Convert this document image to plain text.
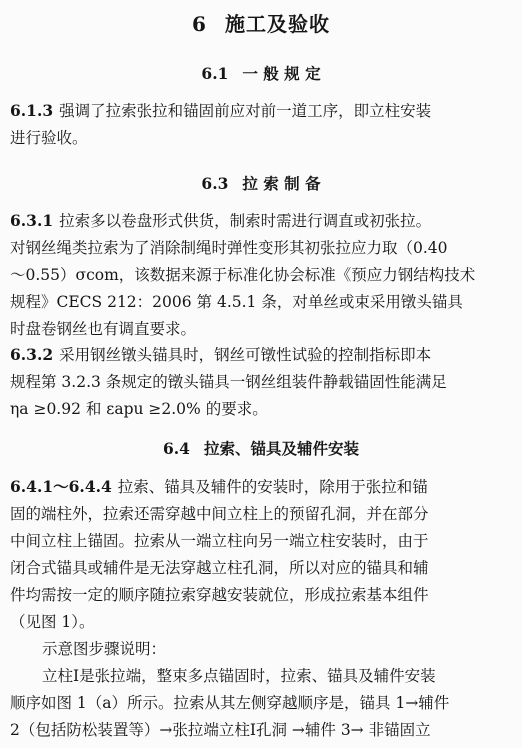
6 施工及验收
6.1 一 般 规 定
6.1.3 强调了拉索张拉和锚固前应对前一道工序，即立柱安装
进行验收。
6.3 拉 索 制 备
6.3.1 拉索多以卷盘形式供货，制索时需进行调直或初张拉。
对钢丝绳类拉索为了消除制绳时弹性变形其初张拉应力取（0.40
～0.55）σcom，该数据来源于标准化协会标准《预应力钢结构技术
规程》CECS 212：2006 第 4.5.1 条，对单丝或束采用镦头锚具
时盘卷钢丝也有调直要求。
6.3.2 采用钢丝镦头锚具时，钢丝可镦性试验的控制指标即本
规程第 3.2.3 条规定的镦头锚具一钢丝组装件静载锚固性能满足
ηa ≥0.92 和 εapu ≥2.0% 的要求。
6.4 拉索、锚具及辅件安装
6.4.1～6.4.4 拉索、锚具及辅件的安装时，除用于张拉和锚
固的端柱外，拉索还需穿越中间立柱上的预留孔洞，并在部分
中间立柱上锚固。拉索从一端立柱向另一端立柱安装时，由于
闭合式锚具或辅件是无法穿越立柱孔洞，所以对应的锚具和辅
件均需按一定的顺序随拉索穿越安装就位，形成拉索基本组件
（见图 1）。
示意图步骤说明：
立柱Ⅰ是张拉端，整束多点锚固时，拉索、锚具及辅件安装
顺序如图 1（a）所示。拉索从其左侧穿越顺序是，锚具 1→辅件
2（包括防松装置等）→张拉端立柱Ⅰ孔洞 →辅件 3→ 非锚固立
